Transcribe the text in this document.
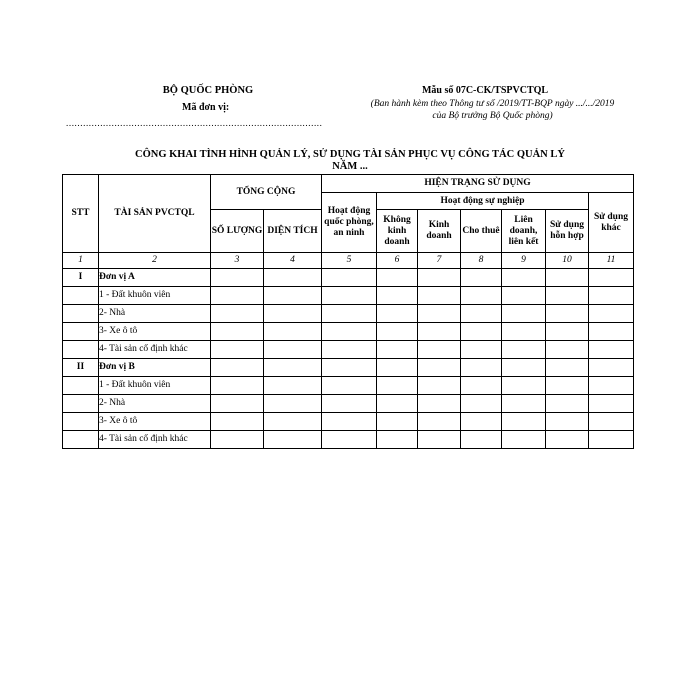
BỘ QUỐC PHÒNG
Mã đơn vị:
..........................................................................................
Mẫu số 07C-CK/TSPVCTQL
(Ban hành kèm theo Thông tư số /2019/TT-BQP ngày .../.../2019
của Bộ trưởng Bộ Quốc phòng)
CÔNG KHAI TÌNH HÌNH QUẢN LÝ, SỬ DỤNG TÀI SẢN PHỤC VỤ CÔNG TÁC QUẢN LÝ
NĂM ...
STT	TÀI SẢN PVCTQL	TỔNG CỘNG		HIỆN TRẠNG SỬ DỤNG						
				Hoạt động quốc phòng, an ninh	Hoạt động sự nghiệp					Sử dụng khác
		SỐ LƯỢNG	DIỆN TÍCH		Không kinh doanh	Kinh doanh	Cho thuê	Liên doanh, liên kết	Sử dụng hỗn hợp	
1	2	3	4	5	6	7	8	9	10	11
I	Đơn vị A									
	1 - Đất khuôn viên									
	2- Nhà									
	3- Xe ô tô									
	4- Tài sản cố định khác									
II	Đơn vị B									
	1 - Đất khuôn viên									
	2- Nhà									
	3- Xe ô tô									
	4- Tài sản cố định khác									
